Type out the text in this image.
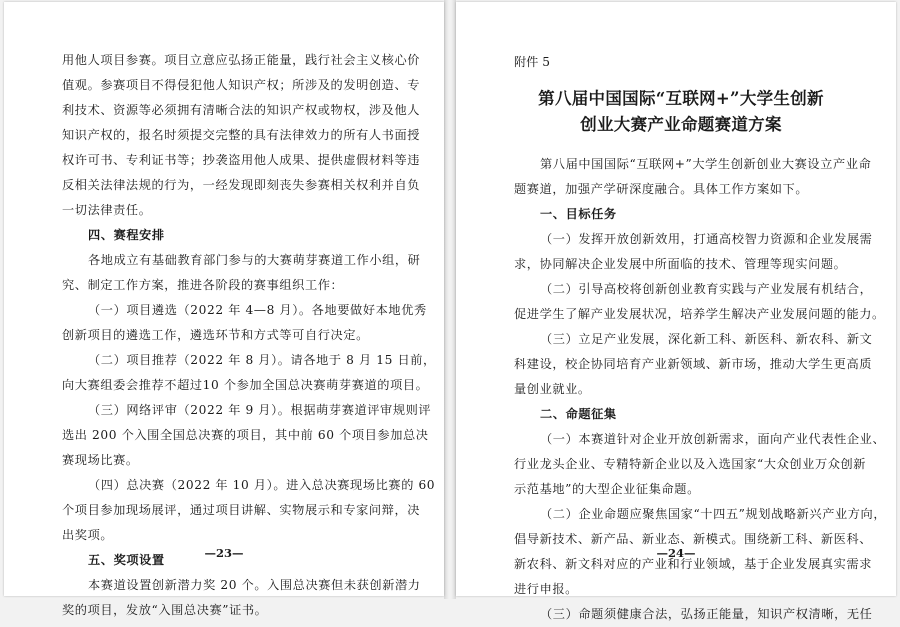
用他人项目参赛。项目立意应弘扬正能量，践行社会主义核心价
值观。参赛项目不得侵犯他人知识产权；所涉及的发明创造、专
利技术、资源等必须拥有清晰合法的知识产权或物权，涉及他人
知识产权的，报名时须提交完整的具有法律效力的所有人书面授
权许可书、专利证书等；抄袭盗用他人成果、提供虚假材料等违
反相关法律法规的行为，一经发现即刻丧失参赛相关权利并自负
一切法律责任。
四、赛程安排
各地成立有基础教育部门参与的大赛萌芽赛道工作小组，研
究、制定工作方案，推进各阶段的赛事组织工作：
（一）项目遴选（2022 年 4—8 月）。各地要做好本地优秀
创新项目的遴选工作，遴选环节和方式等可自行决定。
（二）项目推荐（2022 年 8 月）。请各地于 8 月 15 日前，
向大赛组委会推荐不超过10 个参加全国总决赛萌芽赛道的项目。
（三）网络评审（2022 年 9 月）。根据萌芽赛道评审规则评
选出 200 个入围全国总决赛的项目，其中前 60 个项目参加总决
赛现场比赛。
（四）总决赛（2022 年 10 月）。进入总决赛现场比赛的 60
个项目参加现场展评，通过项目讲解、实物展示和专家问辩，决
出奖项。
五、奖项设置
本赛道设置创新潜力奖 20 个。入围总决赛但未获创新潜力
奖的项目，发放“入围总决赛”证书。
—23—
附件 5
第八届中国国际“互联网+”大学生创新
创业大赛产业命题赛道方案
第八届中国国际“互联网+”大学生创新创业大赛设立产业命
题赛道，加强产学研深度融合。具体工作方案如下。
一、目标任务
（一）发挥开放创新效用，打通高校智力资源和企业发展需
求，协同解决企业发展中所面临的技术、管理等现实问题。
（二）引导高校将创新创业教育实践与产业发展有机结合，
促进学生了解产业发展状况，培养学生解决产业发展问题的能力。
（三）立足产业发展，深化新工科、新医科、新农科、新文
科建设，校企协同培育产业新领域、新市场，推动大学生更高质
量创业就业。
二、命题征集
（一）本赛道针对企业开放创新需求，面向产业代表性企业、
行业龙头企业、专精特新企业以及入选国家“大众创业万众创新
示范基地”的大型企业征集命题。
（二）企业命题应聚焦国家“十四五”规划战略新兴产业方向，
倡导新技术、新产品、新业态、新模式。围绕新工科、新医科、
新农科、新文科对应的产业和行业领域，基于企业发展真实需求
进行申报。
（三）命题须健康合法，弘扬正能量，知识产权清晰，无任
—24—
